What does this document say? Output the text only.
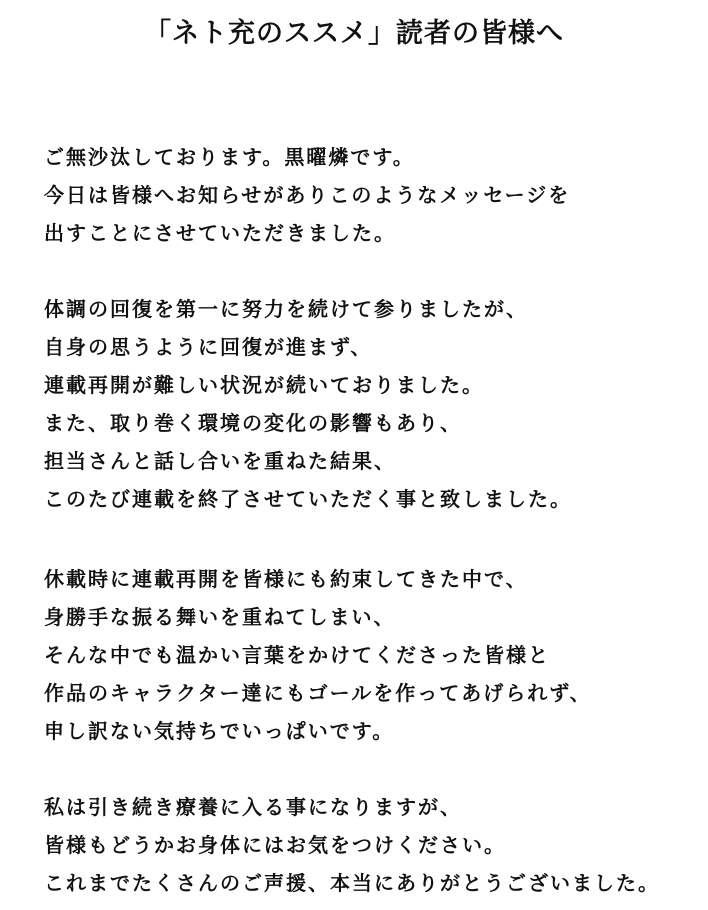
「ネト充のススメ」読者の皆様へ
ご無沙汰しております。黒曜燐です。
今日は皆様へお知らせがありこのようなメッセージを
出すことにさせていただきました。
体調の回復を第一に努力を続けて参りましたが、
自身の思うように回復が進まず、
連載再開が難しい状況が続いておりました。
また、取り巻く環境の変化の影響もあり、
担当さんと話し合いを重ねた結果、
このたび連載を終了させていただく事と致しました。
休載時に連載再開を皆様にも約束してきた中で、
身勝手な振る舞いを重ねてしまい、
そんな中でも温かい言葉をかけてくださった皆様と
作品のキャラクター達にもゴールを作ってあげられず、
申し訳ない気持ちでいっぱいです。
私は引き続き療養に入る事になりますが、
皆様もどうかお身体にはお気をつけください。
これまでたくさんのご声援、本当にありがとうございました。
